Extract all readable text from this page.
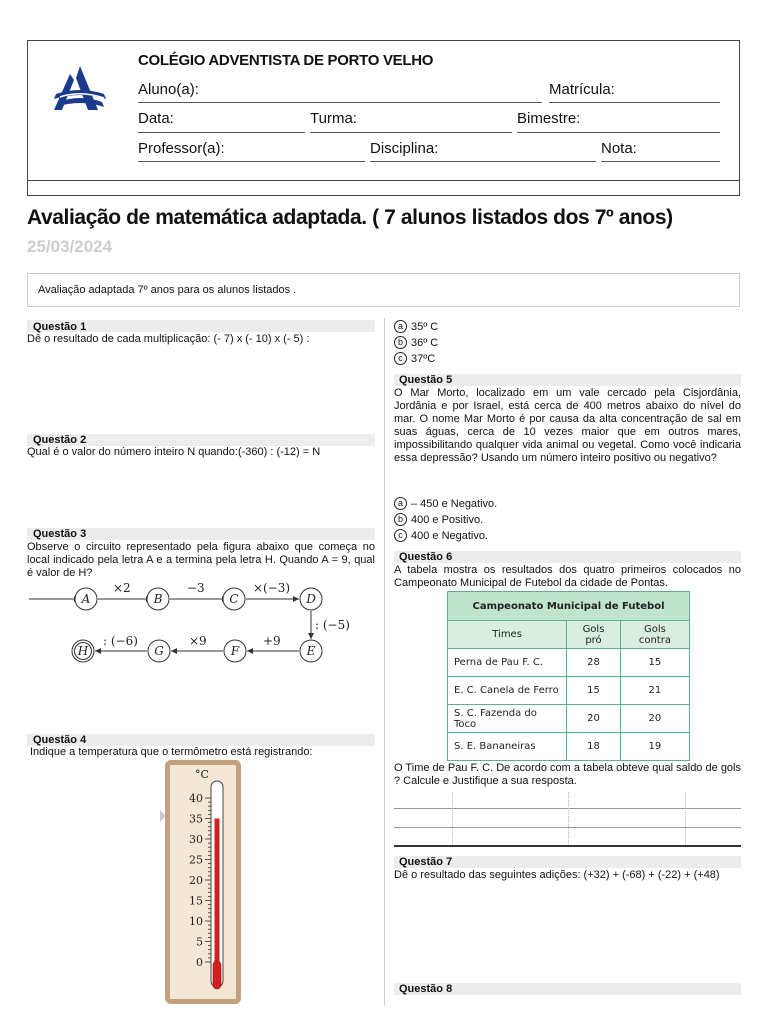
COLÉGIO ADVENTISTA DE PORTO VELHO
Aluno(a):	Matrícula:
Data:	Turma:	Bimestre:
Professor(a):	Disciplina:	Nota:
Avaliação de matemática adaptada. ( 7 alunos listados dos 7º anos)
25/03/2024
Avaliação adaptada 7º anos para os alunos listados .
Questão 1
Dê o resultado de cada multiplicação: (- 7) x (- 10) x (- 5) :
Questão 2
Qual é o valor do número inteiro N quando:(-360) : (-12) = N
Questão 3
Observe o circuito representado pela figura abaixo que começa no local indicado pela letra A e a termina pela letra H. Quando A = 9, qual é valor de H?
A	B	C	D
E
F
G
H
×2	−3	×(−3)
: (−5)
+9
×9
: (−6)
Questão 4
Indique a temperatura que o termômetro está registrando:
°C
40
35
30
25
20
15
10
5
0
a 35º C
b 36º C
c 37ºC
Questão 5
O Mar Morto, localizado em um vale cercado pela Cisjordânia, Jordânia e por Israel, está cerca de 400 metros abaixo do nível do mar. O nome Mar Morto é por causa da alta concentração de sal em suas águas, cerca de 10 vezes maior que em outros mares, impossibilitando qualquer vida animal ou vegetal. Como você indicaria essa depressão? Usando um número inteiro positivo ou negativo?
a – 450 e Negativo.
b 400 e Positivo.
c 400 e Negativo.
Questão 6
A tabela mostra os resultados dos quatro primeiros colocados no Campeonato Municipal de Futebol da cidade de Pontas.
Campeonato Municipal de Futebol		
Times	Gols pró	Gols contra
Perna de Pau F. C.	28	15
E. C. Canela de Ferro	15	21
S. C. Fazenda do Toco	20	20
S. E. Bananeiras	18	19
O Time de Pau F. C. De acordo com a tabela obteve qual saldo de gols ? Calcule e Justifique a sua resposta.
Questão 7
Dê o resultado das seguintes adições: (+32) + (-68) + (-22) + (+48)
Questão 8
